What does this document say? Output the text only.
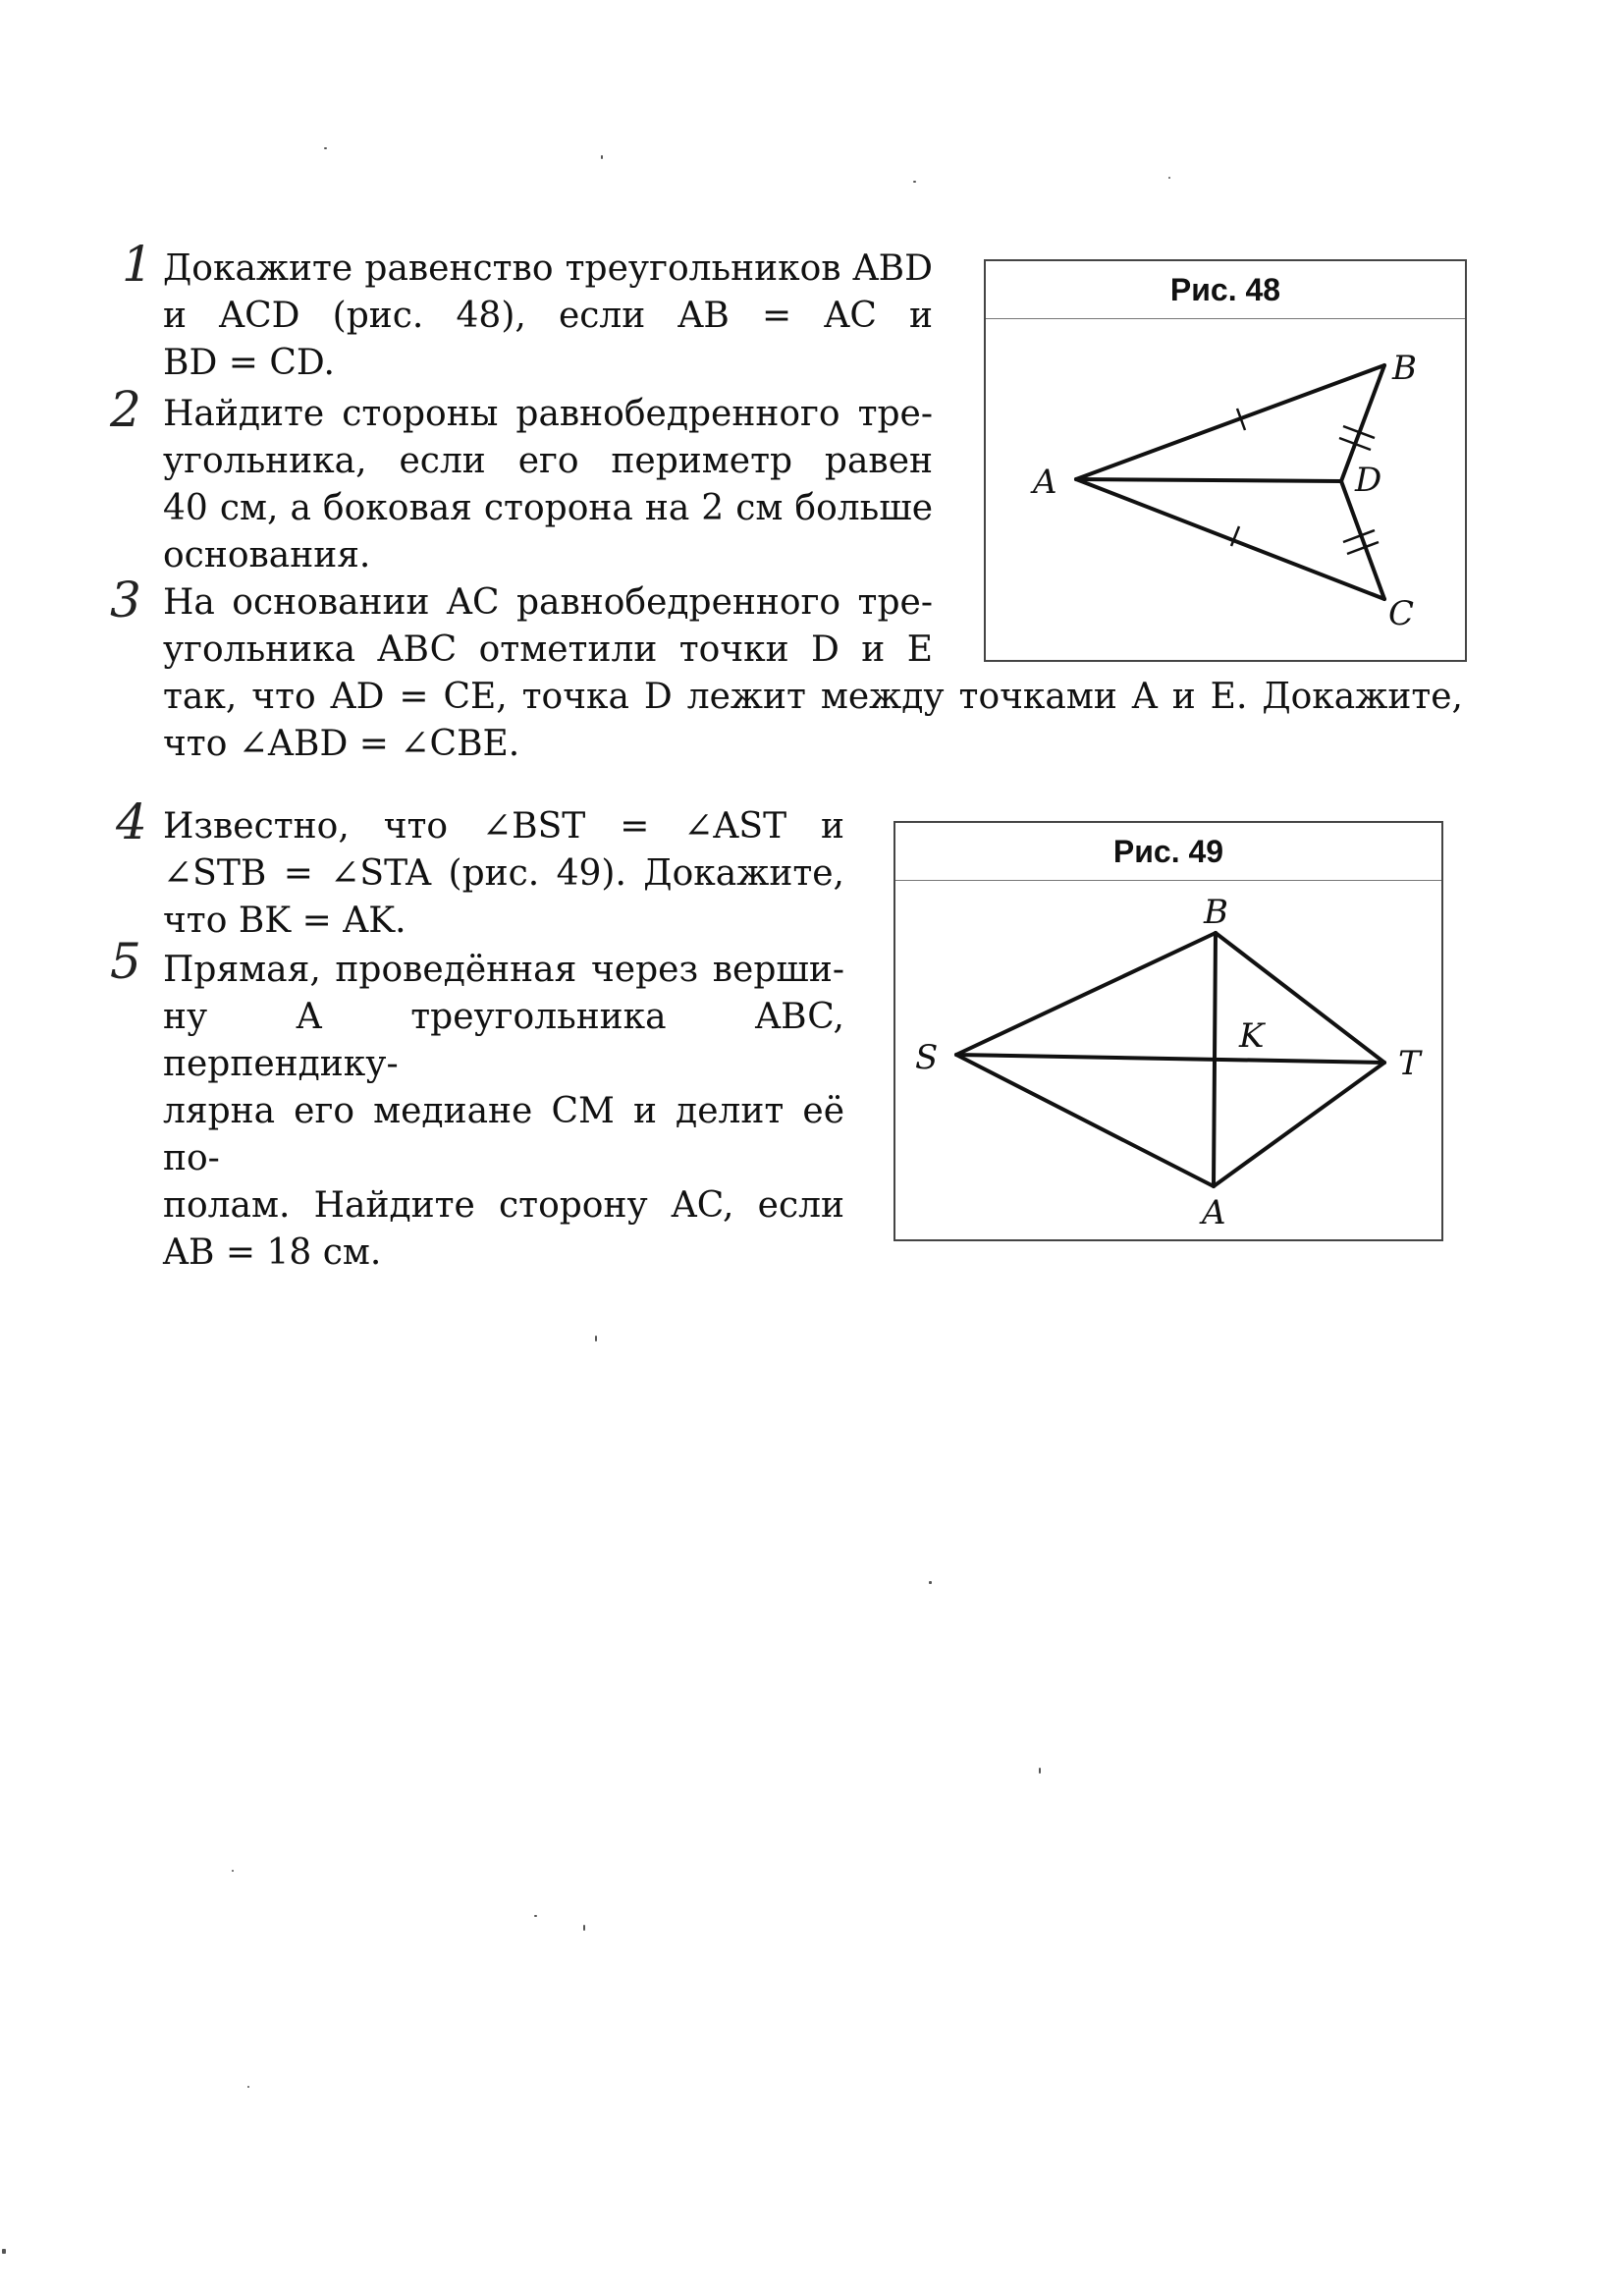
1 Докажите равенство треугольников ABD
и ACD (рис. 48), если AB = AC и
BD = CD.
2 Найдите стороны равнобедренного тре-
угольника, если его периметр равен
40 см, а боковая сторона на 2 см больше
основания.
3 На основании AC равнобедренного тре-
угольника ABC отметили точки D и E
так, что AD = CE, точка D лежит между точками A и E. Докажите,
что ∠ABD = ∠CBE.
4 Известно, что ∠BST = ∠AST и
∠STB = ∠STA (рис. 49). Докажите,
что BK = AK.
5 Прямая, проведённая через верши-
ну A треугольника ABC, перпендику-
лярна его медиане CM и делит её по-
полам. Найдите сторону AC, если
AB = 18 см.
Рис. 48
A
B
D
C
Рис. 49
B
S
K
T
A
